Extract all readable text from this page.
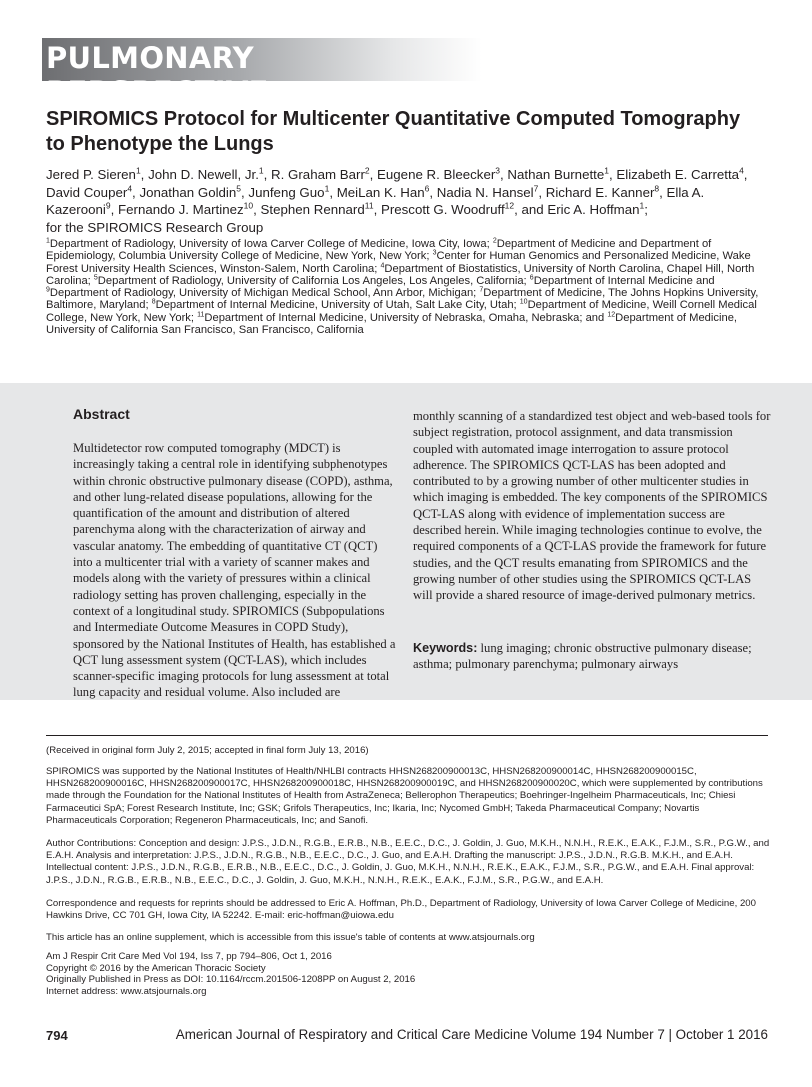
PULMONARY PERSPECTIVE
SPIROMICS Protocol for Multicenter Quantitative Computed Tomography to Phenotype the Lungs
Jered P. Sieren$^1$, John D. Newell, Jr.$^1$, R. Graham Barr$^2$, Eugene R. Bleecker$^3$, Nathan Burnette$^1$, Elizabeth E. Carretta$^4$, David Couper$^4$, Jonathan Goldin$^5$, Junfeng Guo$^1$, MeiLan K. Han$^6$, Nadia N. Hansel$^7$, Richard E. Kanner$^8$, Ella A. Kazerooni$^9$, Fernando J. Martinez$^{10}$, Stephen Rennard$^{11}$, Prescott G. Woodruff$^{12}$, and Eric A. Hoffman$^1$;
for the SPIROMICS Research Group
$^1$Department of Radiology, University of Iowa Carver College of Medicine, Iowa City, Iowa; $^2$Department of Medicine and Department of Epidemiology, Columbia University College of Medicine, New York, New York; $^3$Center for Human Genomics and Personalized Medicine, Wake Forest University Health Sciences, Winston-Salem, North Carolina; $^4$Department of Biostatistics, University of North Carolina, Chapel Hill, North Carolina; $^5$Department of Radiology, University of California Los Angeles, Los Angeles, California; $^6$Department of Internal Medicine and $^9$Department of Radiology, University of Michigan Medical School, Ann Arbor, Michigan; $^7$Department of Medicine, The Johns Hopkins University, Baltimore, Maryland; $^8$Department of Internal Medicine, University of Utah, Salt Lake City, Utah; $^{10}$Department of Medicine, Weill Cornell Medical College, New York, New York; $^{11}$Department of Internal Medicine, University of Nebraska, Omaha, Nebraska; and $^{12}$Department of Medicine, University of California San Francisco, San Francisco, California
Abstract
Multidetector row computed tomography (MDCT) is increasingly taking a central role in identifying subphenotypes within chronic obstructive pulmonary disease (COPD), asthma, and other lung-related disease populations, allowing for the quantification of the amount and distribution of altered parenchyma along with the characterization of airway and vascular anatomy. The embedding of quantitative CT (QCT) into a multicenter trial with a variety of scanner makes and models along with the variety of pressures within a clinical radiology setting has proven challenging, especially in the context of a longitudinal study. SPIROMICS (Subpopulations and Intermediate Outcome Measures in COPD Study), sponsored by the National Institutes of Health, has established a QCT lung assessment system (QCT-LAS), which includes scanner-specific imaging protocols for lung assessment at total lung capacity and residual volume. Also included are
monthly scanning of a standardized test object and web-based tools for subject registration, protocol assignment, and data transmission coupled with automated image interrogation to assure protocol adherence. The SPIROMICS QCT-LAS has been adopted and contributed to by a growing number of other multicenter studies in which imaging is embedded. The key components of the SPIROMICS QCT-LAS along with evidence of implementation success are described herein. While imaging technologies continue to evolve, the required components of a QCT-LAS provide the framework for future studies, and the QCT results emanating from SPIROMICS and the growing number of other studies using the SPIROMICS QCT-LAS will provide a shared resource of image-derived pulmonary metrics.
Keywords: lung imaging; chronic obstructive pulmonary disease; asthma; pulmonary parenchyma; pulmonary airways
(Received in original form July 2, 2015; accepted in final form July 13, 2016)
SPIROMICS was supported by the National Institutes of Health/NHLBI contracts HHSN268200900013C, HHSN268200900014C, HHSN268200900015C, HHSN268200900016C, HHSN268200900017C, HHSN268200900018C, HHSN268200900019C, and HHSN268200900020C, which were supplemented by contributions made through the Foundation for the National Institutes of Health from AstraZeneca; Bellerophon Therapeutics; Boehringer-Ingelheim Pharmaceuticals, Inc; Chiesi Farmaceutici SpA; Forest Research Institute, Inc; GSK; Grifols Therapeutics, Inc; Ikaria, Inc; Nycomed GmbH; Takeda Pharmaceutical Company; Novartis Pharmaceuticals Corporation; Regeneron Pharmaceuticals, Inc; and Sanofi.
Author Contributions: Conception and design: J.P.S., J.D.N., R.G.B., E.R.B., N.B., E.E.C., D.C., J. Goldin, J. Guo, M.K.H., N.N.H., R.E.K., E.A.K., F.J.M., S.R., P.G.W., and E.A.H. Analysis and interpretation: J.P.S., J.D.N., R.G.B., N.B., E.E.C., D.C., J. Guo, and E.A.H. Drafting the manuscript: J.P.S., J.D.N., R.G.B. M.K.H., and E.A.H. Intellectual content: J.P.S., J.D.N., R.G.B., E.R.B., N.B., E.E.C., D.C., J. Goldin, J. Guo, M.K.H., N.N.H., R.E.K., E.A.K., F.J.M., S.R., P.G.W., and E.A.H. Final approval: J.P.S., J.D.N., R.G.B., E.R.B., N.B., E.E.C., D.C., J. Goldin, J. Guo, M.K.H., N.N.H., R.E.K., E.A.K., F.J.M., S.R., P.G.W., and E.A.H.
Correspondence and requests for reprints should be addressed to Eric A. Hoffman, Ph.D., Department of Radiology, University of Iowa Carver College of Medicine, 200 Hawkins Drive, CC 701 GH, Iowa City, IA 52242. E-mail: eric-hoffman@uiowa.edu
This article has an online supplement, which is accessible from this issue's table of contents at www.atsjournals.org
Am J Respir Crit Care Med Vol 194, Iss 7, pp 794–806, Oct 1, 2016
Copyright © 2016 by the American Thoracic Society
Originally Published in Press as DOI: 10.1164/rccm.201506-1208PP on August 2, 2016
Internet address: www.atsjournals.org
794	American Journal of Respiratory and Critical Care Medicine Volume 194 Number 7 | October 1 2016
